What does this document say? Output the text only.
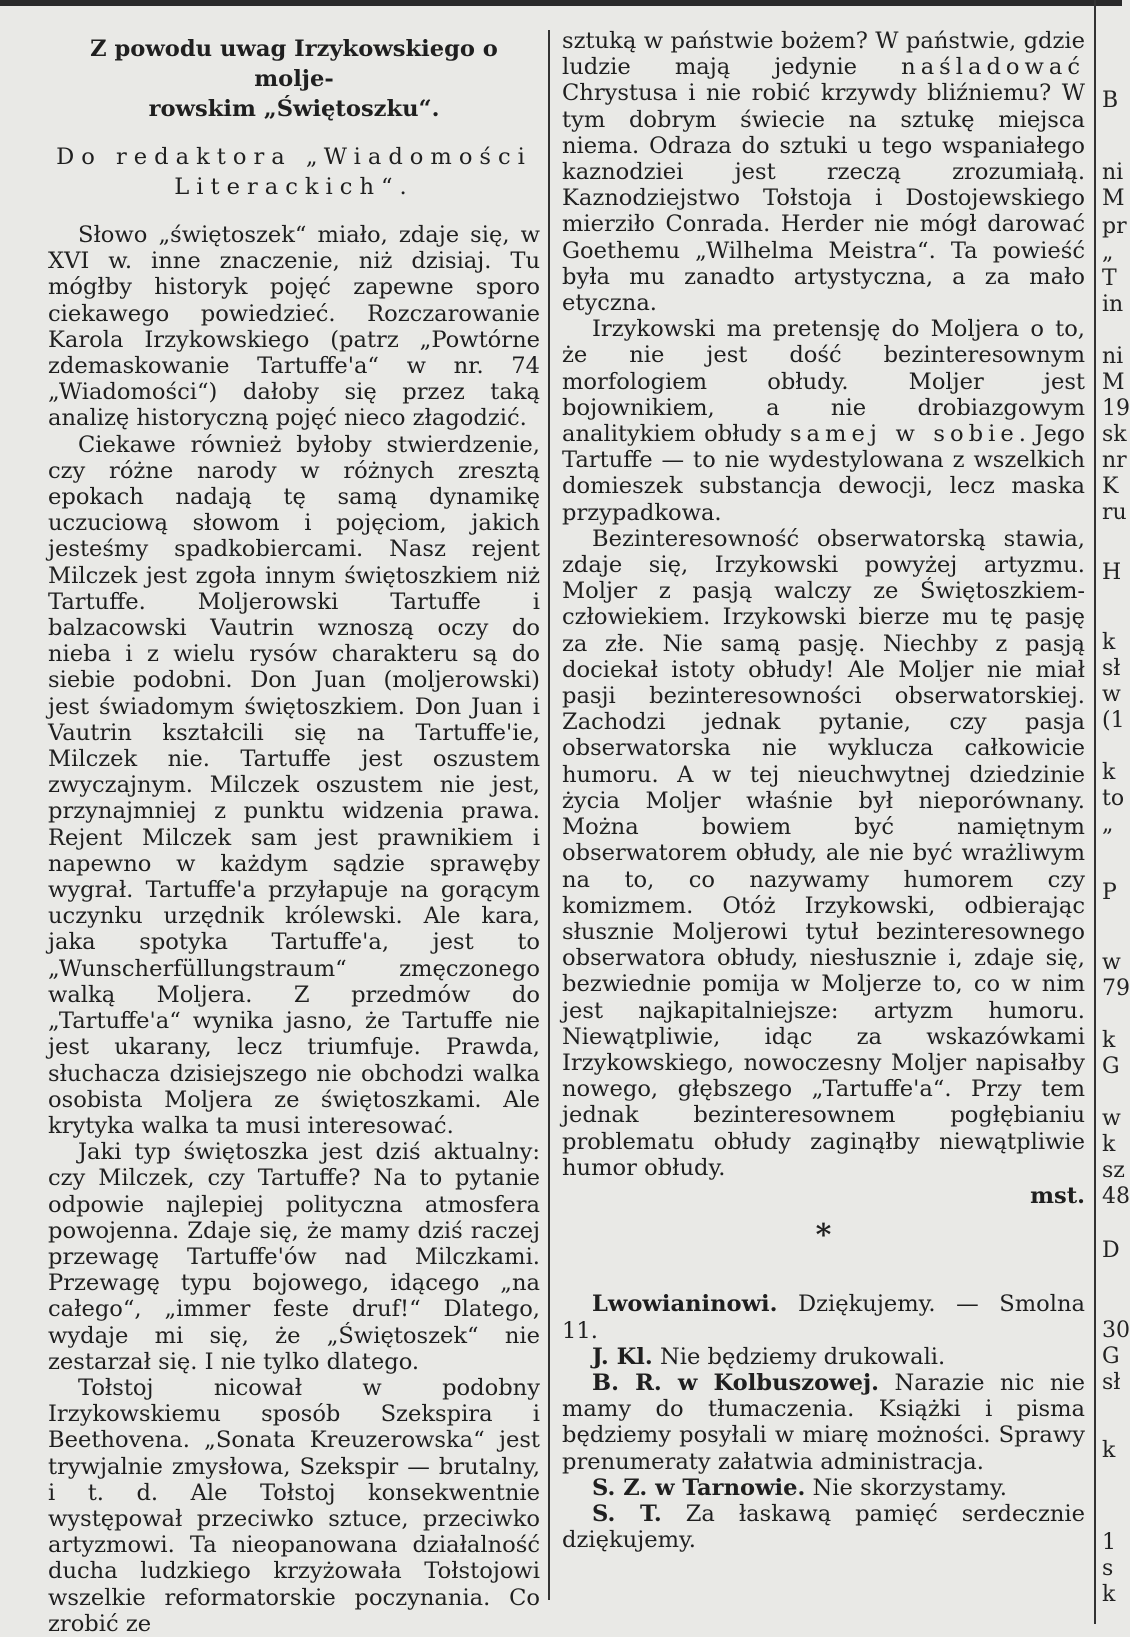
Z powodu uwag Irzykowskiego o molje-
rowskim „Świętoszku“.
Do redaktora „Wiadomości
Literackich“.

Słowo „świętoszek“ miało, zdaje się, w XVI w. inne znaczenie, niż dzisiaj. Tu mógłby historyk pojęć zapewne sporo ciekawego powiedzieć. Rozczarowanie Karola Irzykowskiego (patrz „Powtórne zdemaskowanie Tartuffe'a“ w nr. 74 „Wiadomości“) dałoby się przez taką analizę historyczną pojęć nieco złagodzić.

Ciekawe również byłoby stwierdzenie, czy różne narody w różnych zresztą epokach nadają tę samą dynamikę uczuciową słowom i pojęciom, jakich jesteśmy spadkobiercami. Nasz rejent Milczek jest zgoła innym świętoszkiem niż Tartuffe. Moljerowski Tartuffe i balzacowski Vautrin wznoszą oczy do nieba i z wielu rysów charakteru są do siebie podobni. Don Juan (moljerowski) jest świadomym świętoszkiem. Don Juan i Vautrin kształcili się na Tartuffe'ie, Milczek nie. Tartuffe jest oszustem zwyczajnym. Milczek oszustem nie jest, przynajmniej z punktu widzenia prawa. Rejent Milczek sam jest prawnikiem i napewno w każdym sądzie sprawęby wygrał. Tartuffe'a przyłapuje na gorącym uczynku urzędnik królewski. Ale kara, jaka spotyka Tartuffe'a, jest to „Wunscherfüllungstraum“ zmęczonego walką Moljera. Z przedmów do „Tartuffe'a“ wynika jasno, że Tartuffe nie jest ukarany, lecz triumfuje. Prawda, słuchacza dzisiejszego nie obchodzi walka osobista Moljera ze świętoszkami. Ale krytyka walka ta musi interesować.

Jaki typ świętoszka jest dziś aktualny: czy Milczek, czy Tartuffe? Na to pytanie odpowie najlepiej polityczna atmosfera powojenna. Zdaje się, że mamy dziś raczej przewagę Tartuffe'ów nad Milczkami. Przewagę typu bojowego, idącego „na całego“, „immer feste druf!“ Dlatego, wydaje mi się, że „Świętoszek“ nie zestarzał się. I nie tylko dlatego.

Tołstoj nicował w podobny Irzykowskiemu sposób Szekspira i Beethovena. „Sonata Kreuzerowska“ jest trywjalnie zmysłowa, Szekspir — brutalny, i t. d. Ale Tołstoj konsekwentnie występował przeciwko sztuce, przeciwko artyzmowi. Ta nieopanowana działalność ducha ludzkiego krzyżowała Tołstojowi wszelkie reformatorskie poczynania. Co zrobić ze

sztuką w państwie bożem? W państwie, gdzie ludzie mają jedynie naśladować Chrystusa i nie robić krzywdy bliźniemu? W tym dobrym świecie na sztukę miejsca niema. Odraza do sztuki u tego wspaniałego kaznodziei jest rzeczą zrozumiałą. Kaznodziejstwo Tołstoja i Dostojewskiego mierziło Conrada. Herder nie mógł darować Goethemu „Wilhelma Meistra“. Ta powieść była mu zanadto artystyczna, a za mało etyczna.

Irzykowski ma pretensję do Moljera o to, że nie jest dość bezinteresownym morfologiem obłudy. Moljer jest bojownikiem, a nie drobiazgowym analitykiem obłudy samej w sobie. Jego Tartuffe — to nie wydestylowana z wszelkich domieszek substancja dewocji, lecz maska przypadkowa.

Bezinteresowność obserwatorską stawia, zdaje się, Irzykowski powyżej artyzmu. Moljer z pasją walczy ze Świętoszkiem-człowiekiem. Irzykowski bierze mu tę pasję za złe. Nie samą pasję. Niechby z pasją dociekał istoty obłudy! Ale Moljer nie miał pasji bezinteresowności obserwatorskiej. Zachodzi jednak pytanie, czy pasja obserwatorska nie wyklucza całkowicie humoru. A w tej nieuchwytnej dziedzinie życia Moljer właśnie był nieporównany. Można bowiem być namiętnym obserwatorem obłudy, ale nie być wrażliwym na to, co nazywamy humorem czy komizmem. Otóż Irzykowski, odbierając słusznie Moljerowi tytuł bezinteresownego obserwatora obłudy, niesłusznie i, zdaje się, bezwiednie pomija w Moljerze to, co w nim jest najkapitalniejsze: artyzm humoru. Niewątpliwie, idąc za wskazówkami Irzykowskiego, nowoczesny Moljer napisałby nowego, głębszego „Tartuffe'a“. Przy tem jednak bezinteresownem pogłębianiu problematu obłudy zaginąłby niewątpliwie humor obłudy.

mst.
*

Lwowianinowi. Dziękujemy. — Smolna 11.

J. Kl. Nie będziemy drukowali.

B. R. w Kolbuszowej. Narazie nic nie mamy do tłumaczenia. Książki i pisma będziemy posyłali w miarę możności. Sprawy prenumeraty załatwia administracja.

S. Z. w Tarnowie. Nie skorzystamy.

S. T. Za łaskawą pamięć serdecznie dziękujemy.

B
ni
M
pr
„
T
in
ni
M
19
sk
nr
K
ru
H
k
sł
w
(1
k
to
„
P
w
79
k
G
w
k
sz
48
D
30
G
sł
k
1
s
k
